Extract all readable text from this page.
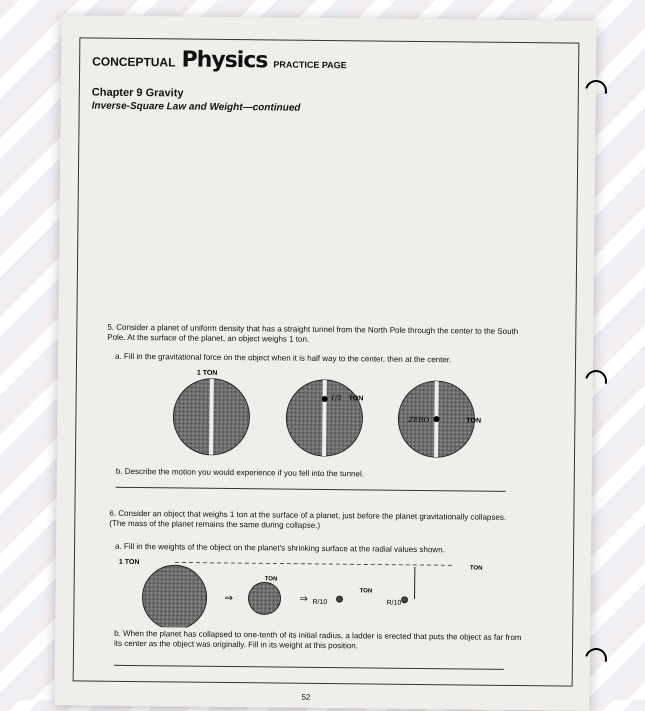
CONCEPTUAL Physics PRACTICE PAGE
Chapter 9 Gravity
Inverse-Square Law and Weight—continued
5. Consider a planet of uniform density that has a straight tunnel from the North Pole through the center to the South Pole. At the surface of the planet, an object weighs 1 ton.
a. Fill in the gravitational force on the object when it is half way to the center, then at the center.
1 TON
TON
1/2
ZERO	TON
b. Describe the motion you would experience if you fell into the tunnel.
6. Consider an object that weighs 1 ton at the surface of a planet, just before the planet gravitationally collapses. (The mass of the planet remains the same during collapse.)
a. Fill in the weights of the object on the planet's shrinking surface at the radial values shown.
⇒	⇒ R/10	R/10
1 TON
TON
TON
TON
b. When the planet has collapsed to one-tenth of its initial radius, a ladder is erected that puts the object as far from its center as the object was originally. Fill in its weight at this position.
52
